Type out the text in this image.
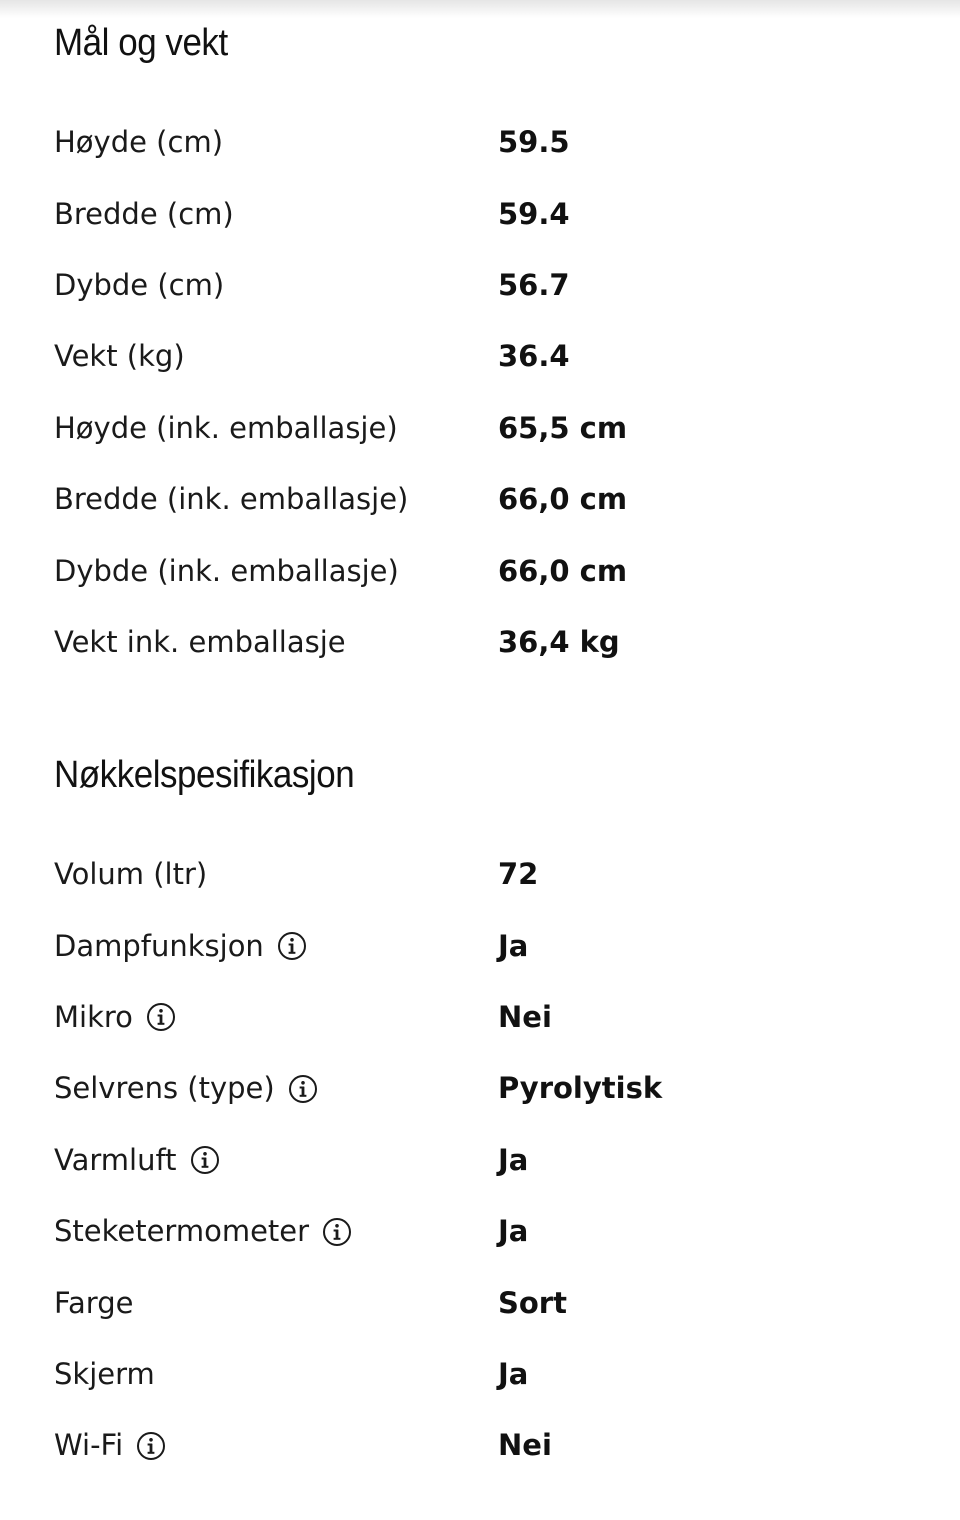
Mål og vekt
Høyde (cm)	59.5
Bredde (cm)	59.4
Dybde (cm)	56.7
Vekt (kg)	36.4
Høyde (ink. emballasje)	65,5 cm
Bredde (ink. emballasje)	66,0 cm
Dybde (ink. emballasje)	66,0 cm
Vekt ink. emballasje	36,4 kg
Nøkkelspesifikasjon
Volum (ltr)	72
Dampfunksjon	Ja
Mikro	Nei
Selvrens (type)	Pyrolytisk
Varmluft	Ja
Steketermometer	Ja
Farge	Sort
Skjerm	Ja
Wi-Fi	Nei
